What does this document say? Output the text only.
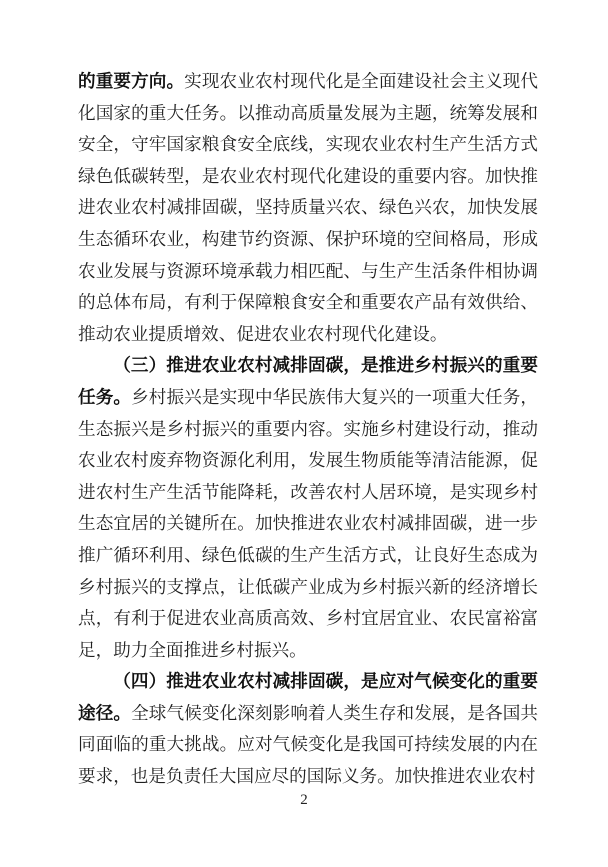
的重要方向。实现农业农村现代化是全面建设社会主义现代化国家的重大任务。以推动高质量发展为主题，统筹发展和安全，守牢国家粮食安全底线，实现农业农村生产生活方式绿色低碳转型，是农业农村现代化建设的重要内容。加快推进农业农村减排固碳，坚持质量兴农、绿色兴农，加快发展生态循环农业，构建节约资源、保护环境的空间格局，形成农业发展与资源环境承载力相匹配、与生产生活条件相协调的总体布局，有利于保障粮食安全和重要农产品有效供给、推动农业提质增效、促进农业农村现代化建设。

（三）推进农业农村减排固碳，是推进乡村振兴的重要任务。乡村振兴是实现中华民族伟大复兴的一项重大任务，生态振兴是乡村振兴的重要内容。实施乡村建设行动，推动农业农村废弃物资源化利用，发展生物质能等清洁能源，促进农村生产生活节能降耗，改善农村人居环境，是实现乡村生态宜居的关键所在。加快推进农业农村减排固碳，进一步推广循环利用、绿色低碳的生产生活方式，让良好生态成为乡村振兴的支撑点，让低碳产业成为乡村振兴新的经济增长点，有利于促进农业高质高效、乡村宜居宜业、农民富裕富足，助力全面推进乡村振兴。

（四）推进农业农村减排固碳，是应对气候变化的重要途径。全球气候变化深刻影响着人类生存和发展，是各国共同面临的重大挑战。应对气候变化是我国可持续发展的内在要求，也是负责任大国应尽的国际义务。加快推进农业农村

2
